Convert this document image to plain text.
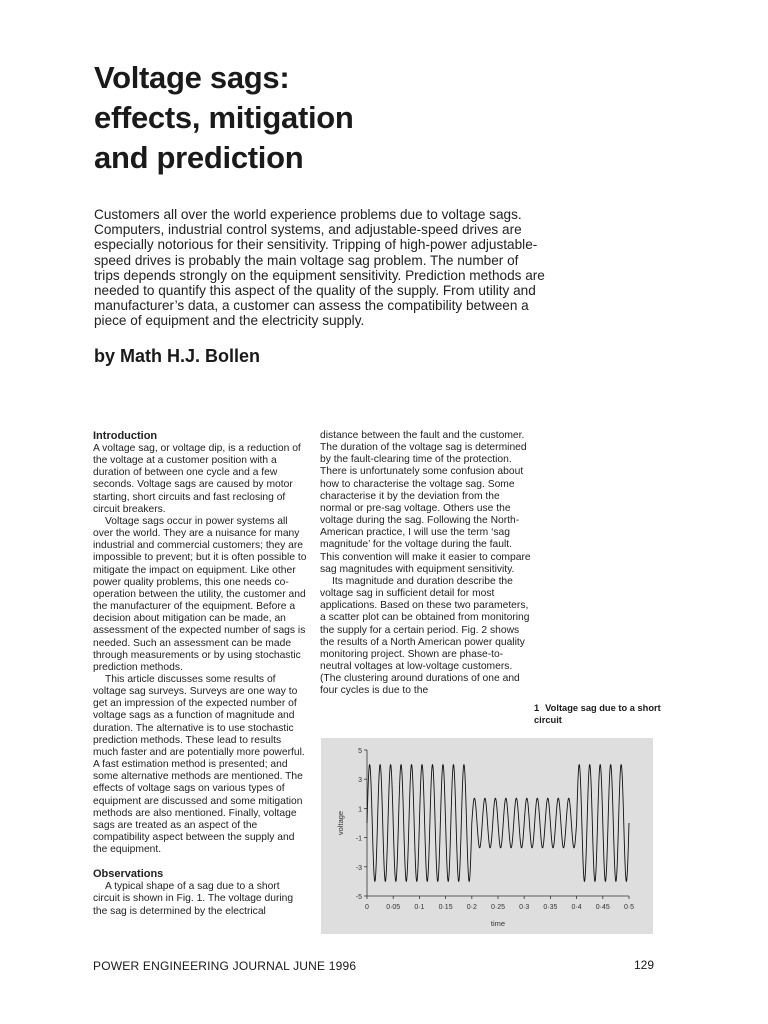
Voltage sags:
effects, mitigation
and prediction

Customers all over the world experience problems due to voltage sags. Computers, industrial control systems, and adjustable-speed drives are especially notorious for their sensitivity. Tripping of high-power adjustable-speed drives is probably the main voltage sag problem. The number of trips depends strongly on the equipment sensitivity. Prediction methods are needed to quantify this aspect of the quality of the supply. From utility and manufacturer’s data, a customer can assess the compatibility between a piece of equipment and the electricity supply.

by Math H.J. Bollen

Introduction

A voltage sag, or voltage dip, is a reduction of the voltage at a customer position with a duration of between one cycle and a few seconds. Voltage sags are caused by motor starting, short circuits and fast reclosing of circuit breakers.

Voltage sags occur in power systems all over the world. They are a nuisance for many industrial and commercial customers; they are impossible to prevent; but it is often possible to mitigate the impact on equipment. Like other power quality problems, this one needs co-operation between the utility, the customer and the manufacturer of the equipment. Before a decision about mitigation can be made, an assessment of the expected number of sags is needed. Such an assessment can be made through measurements or by using stochastic prediction methods.

This article discusses some results of voltage sag surveys. Surveys are one way to get an impression of the expected number of voltage sags as a function of magnitude and duration. The alternative is to use stochastic prediction methods. These lead to results much faster and are potentially more powerful. A fast estimation method is presented; and some alternative methods are mentioned. The effects of voltage sags on various types of equipment are discussed and some mitigation methods are also mentioned. Finally, voltage sags are treated as an aspect of the compatibility aspect between the supply and the equipment.

Observations

A typical shape of a sag due to a short circuit is shown in Fig. 1. The voltage during the sag is determined by the electrical

distance between the fault and the customer. The duration of the voltage sag is determined by the fault-clearing time of the protection. There is unfortunately some confusion about how to characterise the voltage sag. Some characterise it by the deviation from the normal or pre-sag voltage. Others use the voltage during the sag. Following the North-American practice, I will use the term ‘sag magnitude’ for the voltage during the fault. This convention will make it easier to compare sag magnitudes with equipment sensitivity.

Its magnitude and duration describe the voltage sag in sufficient detail for most applications. Based on these two parameters, a scatter plot can be obtained from monitoring the supply for a certain period. Fig. 2 shows the results of a North American power quality monitoring project. Shown are phase-to-neutral voltages at low-voltage customers. (The clustering around durations of one and four cycles is due to the

1 Voltage sag due to a short circuit

5
3
1
-1
-3
-5
0 0·05 0·1 0·15 0·2 0·25 0·3 0·35 0·4 0·45 0·5
time
voltage

POWER ENGINEERING JOURNAL JUNE 1996	129
